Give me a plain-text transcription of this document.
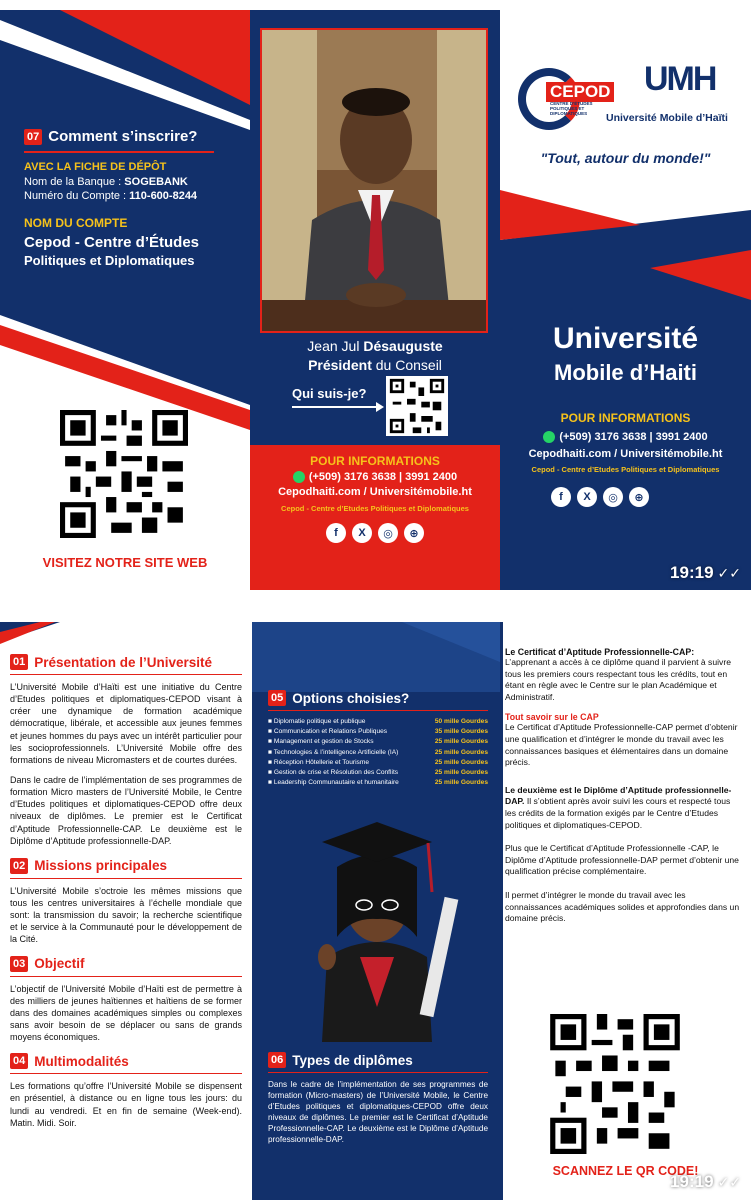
07 Comment s’inscrire?
AVEC LA FICHE DE DÉPÔT
Nom de la Banque : SOGEBANK
Numéro du Compte : 110-600-8244
NOM DU COMPTE
Cepod - Centre d’Études
Politiques et Diplomatiques
VISITEZ NOTRE SITE WEB
Jean Jul Désauguste
Président du Conseil
Qui suis-je?
POUR INFORMATIONS
(+509) 3176 3638 | 3991 2400
Cepodhaiti.com / Universitémobile.ht
Cepod - Centre d’Etudes Politiques et Diplomatiques
f	X	◎	⊕
CEPOD
CENTRE D’ÉTUDES POLITIQUES ET DIPLOMATIQUES
UMH
Université Mobile d’Haïti
"Tout, autour du monde!"
Université
Mobile d’Haiti
POUR INFORMATIONS
(+509) 3176 3638 | 3991 2400
Cepodhaiti.com / Universitémobile.ht
Cepod - Centre d’Etudes Politiques et Diplomatiques
f	X	◎	⊕
19:19 ✓✓
01 Présentation de l’Université

L’Université Mobile d’Haïti est une initiative du Centre d’Etudes politiques et diplomatiques-CEPOD visant à créer une dynamique de formation académique démocratique, libérale, et accessible aux jeunes femmes et jeunes hommes du pays avec un intérêt particulier pour les socioprofessionnels. L’Université Mobile offre des formations de niveau Micromasters et de courtes durées.

Dans le cadre de l’implémentation de ses programmes de formation Micro masters de l’Université Mobile, le Centre d’Etudes politiques et diplomatiques-CEPOD offre deux niveaux de diplômes. Le premier est le Certificat d’Aptitude Professionnelle-CAP. Le deuxième est le Diplôme d’Aptitude professionnelle-DAP.

02 Missions principales

L’Université Mobile s’octroie les mêmes missions que tous les centres universitaires à l’échelle mondiale que sont: la transmission du savoir; la recherche scientifique et le service à la Communauté pour le développement de la Cité.

03 Objectif

L’objectif de l’Université Mobile d’Haïti est de permettre à des milliers de jeunes haïtiennes et haïtiens de se former dans des domaines académiques simples ou complexes sans avoir besoin de se déplacer ou sans de grands moyens économiques.

04 Multimodalités

Les formations qu’offre l’Université Mobile se dispensent en présentiel, à distance ou en ligne tous les jours: du lundi au vendredi. Et en fin de semaine (Week-end). Matin. Midi. Soir.

05 Options choisies?
■ Diplomatie politique et publique	50 mille Gourdes
■ Communication et Relations Publiques	35 mille Gourdes
■ Management et gestion de Stocks	25 mille Gourdes
■ Technologies & l’intelligence Artificielle (IA)	25 mille Gourdes
■ Réception Hôtellerie et Tourisme	25 mille Gourdes
■ Gestion de crise et Résolution des Conflits	25 mille Gourdes
■ Leadership Communautaire et humanitaire	25 mille Gourdes
06 Types de diplômes

Dans le cadre de l’implémentation de ses programmes de formation (Micro-masters) de l’Université Mobile, le Centre d’Etudes politiques et diplomatiques-CEPOD offre deux niveaux de diplômes. Le premier est le Certificat d’Aptitude Professionnelle-CAP. Le deuxième est le Diplôme d’Aptitude professionnelle-DAP.

Le Certificat d’Aptitude Professionnelle-CAP:

L’apprenant a accès à ce diplôme quand il parvient à suivre tous les premiers cours respectant tous les crédits, tout en étant en règle avec le Centre sur le plan Académique et Administratif.

Tout savoir sur le CAP

Le Certificat d’Aptitude Professionnelle-CAP permet d’obtenir une qualification et d’intégrer le monde du travail avec les connaissances basiques et élémentaires dans un domaine précis.

Le deuxième est le Diplôme d’Aptitude professionnelle-DAP. Il s’obtient après avoir suivi les cours et respecté tous les crédits de la formation exigés par le Centre d’Etudes politiques et diplomatiques-CEPOD.

Plus que le Certificat d’Aptitude Professionnelle -CAP, le Diplôme d’Aptitude professionnelle-DAP permet d’obtenir une qualification précise complémentaire.

Il permet d’intégrer le monde du travail avec les connaissances académiques solides et approfondies dans un domaine précis.

SCANNEZ LE QR CODE!
19:19 ✓✓
